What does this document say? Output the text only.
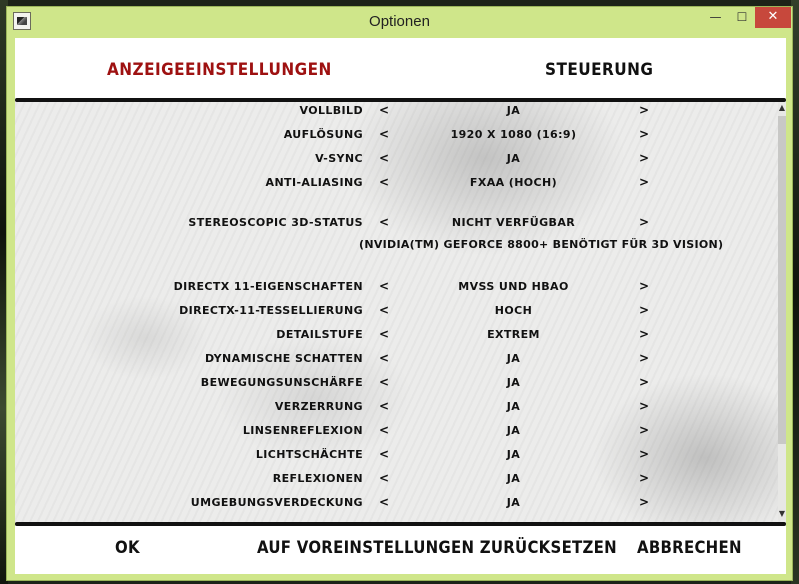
Optionen	—	☐	✕
ANZEIGEEINSTELLUNGEN	STEUERUNG
VOLLBILD <	JA	>
AUFLÖSUNG <	1920 X 1080 (16:9)	>
V-SYNC <	JA	>
ANTI-ALIASING <	FXAA (HOCH)	>
STEREOSCOPIC 3D-STATUS <	NICHT VERFÜGBAR	>
(NVIDIA(TM) GEFORCE 8800+ BENÖTIGT FÜR 3D VISION)
DIRECTX 11-EIGENSCHAFTEN <	MVSS UND HBAO	>
DIRECTX-11-TESSELLIERUNG <	HOCH	>
DETAILSTUFE <	EXTREM	>
DYNAMISCHE SCHATTEN <	JA	>
BEWEGUNGSUNSCHÄRFE <	JA	>
VERZERRUNG <	JA	>
LINSENREFLEXION <	JA	>
LICHTSCHÄCHTE <	JA	>
REFLEXIONEN <	JA	>
UMGEBUNGSVERDECKUNG <	JA	>
▲
▼
OK	AUF VOREINSTELLUNGEN ZURÜCKSETZEN ABBRECHEN
